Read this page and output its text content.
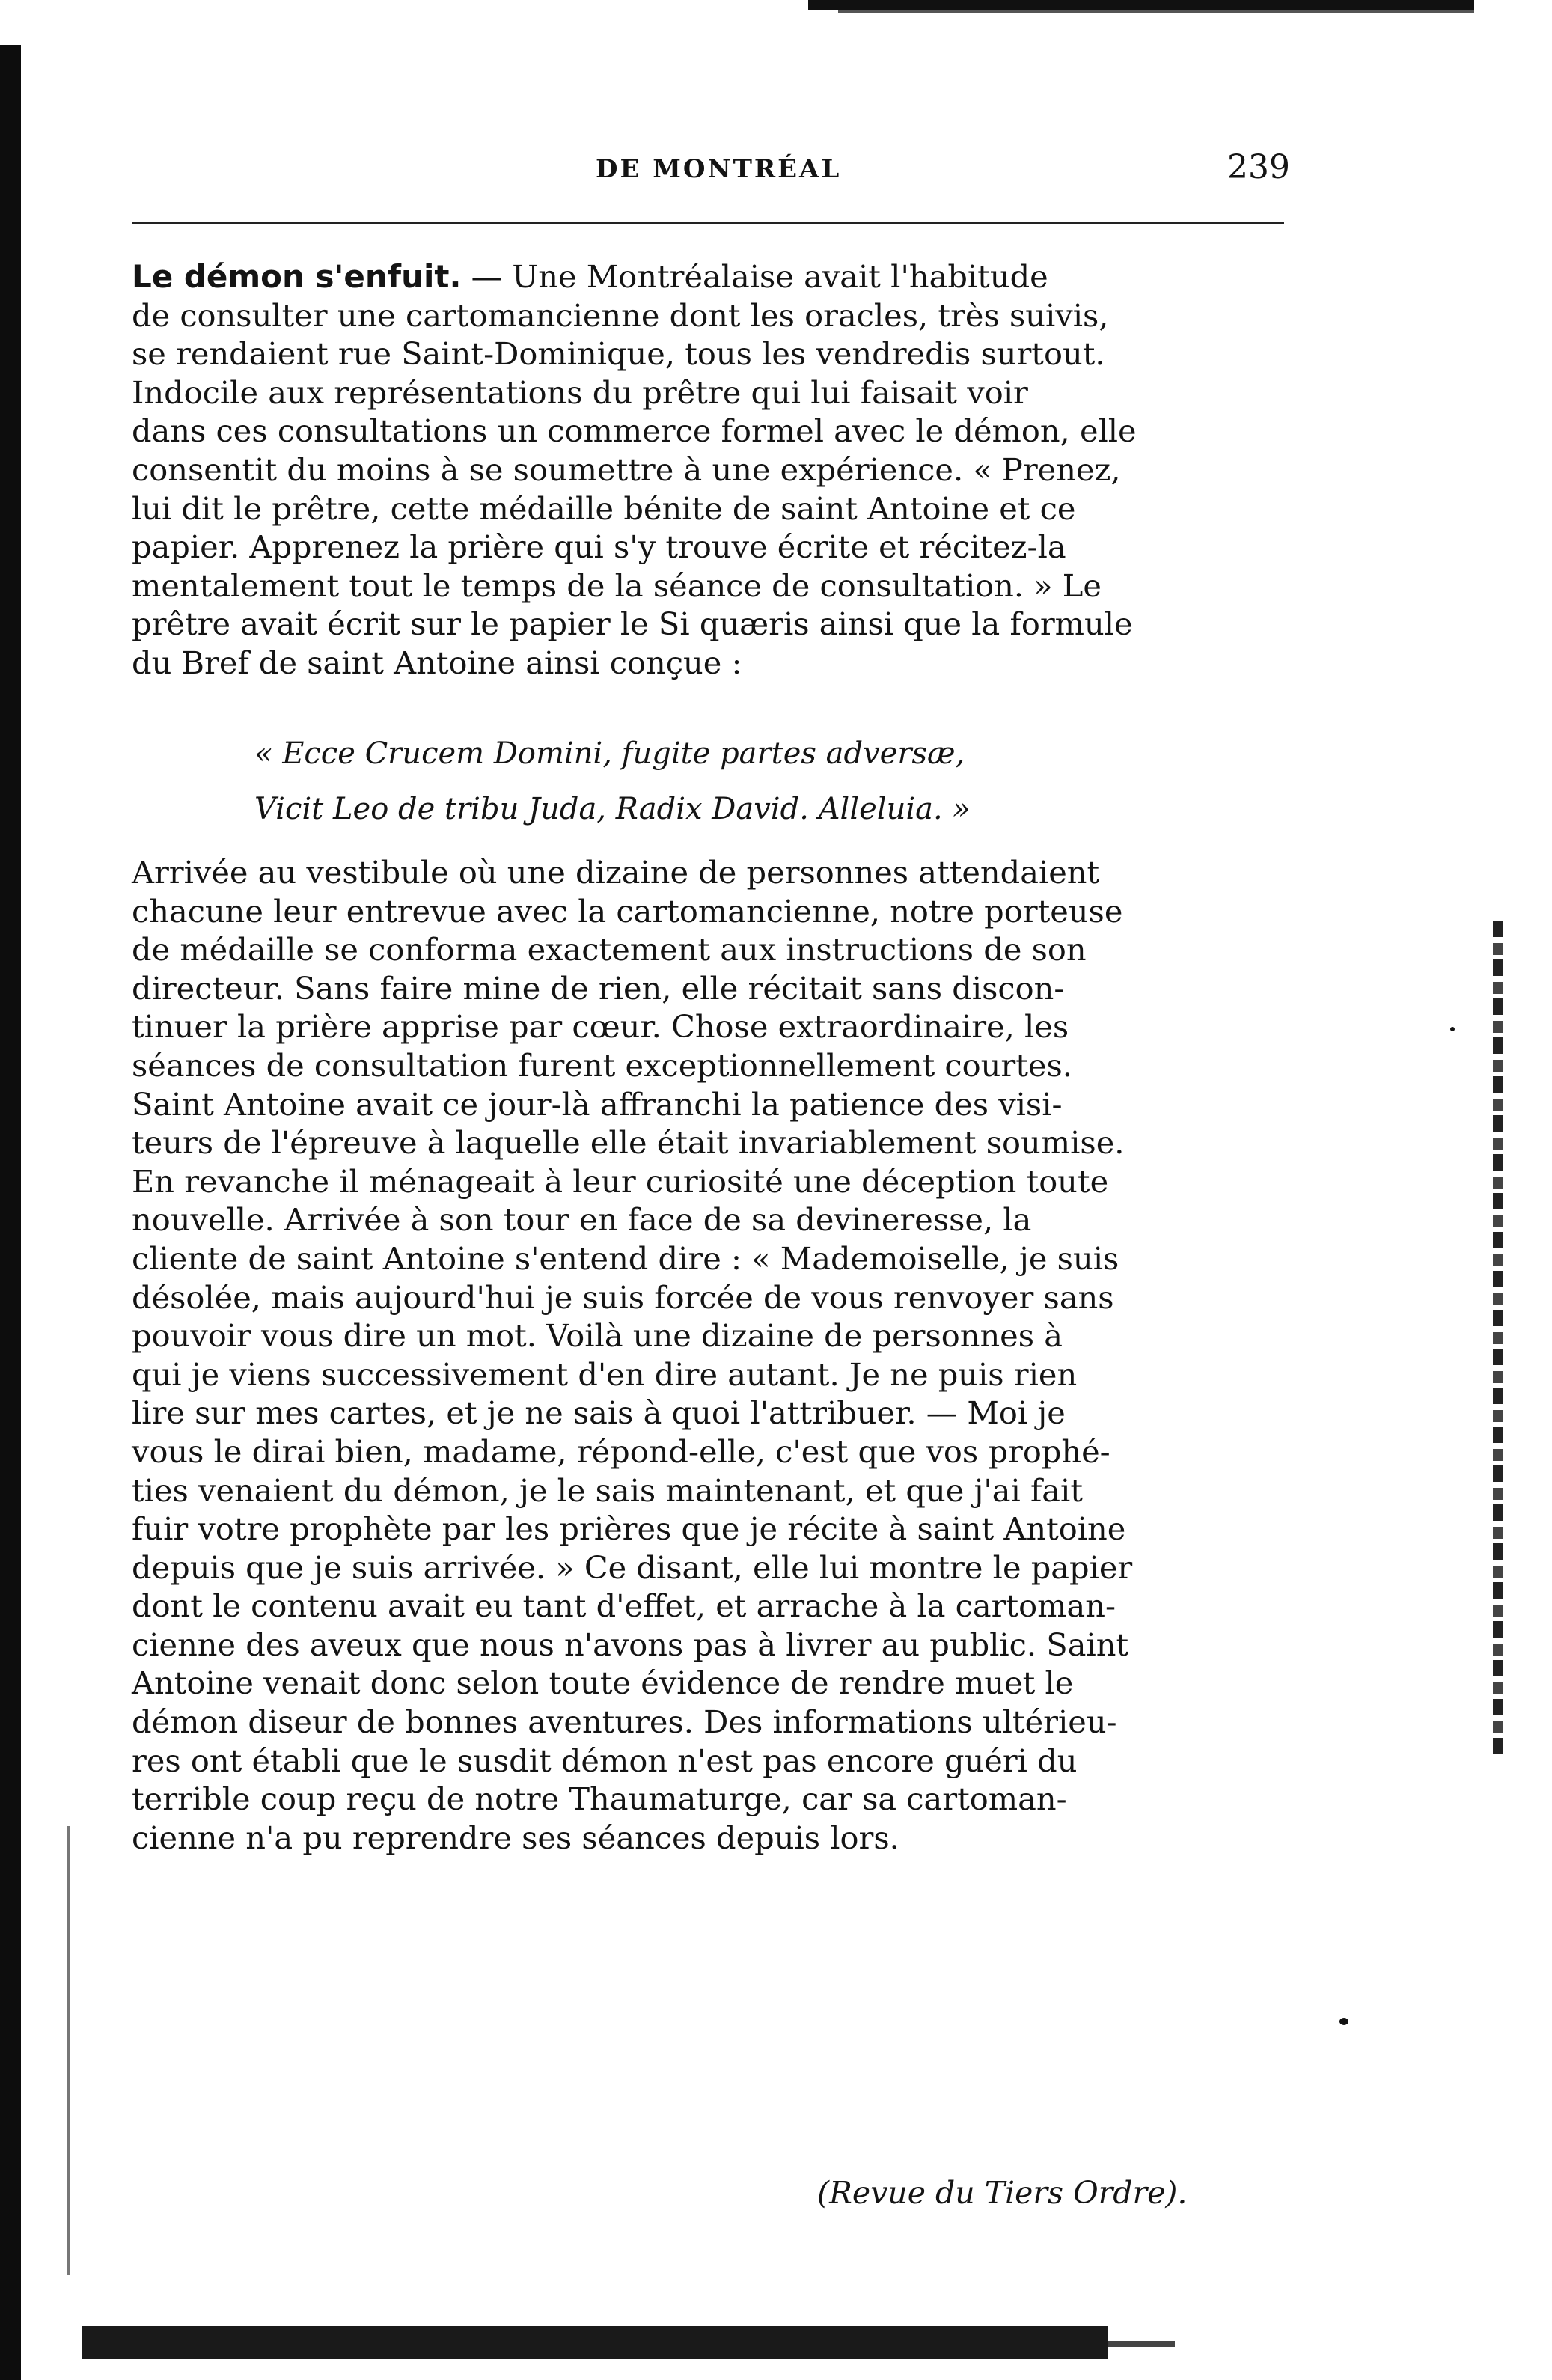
DE MONTRÉAL	239
Le démon s'enfuit. — Une Montréalaise avait l'habitude
de consulter une cartomancienne dont les oracles, très suivis,
se rendaient rue Saint-Dominique, tous les vendredis surtout.
Indocile aux représentations du prêtre qui lui faisait voir
dans ces consultations un commerce formel avec le démon, elle
consentit du moins à se soumettre à une expérience. « Prenez,
lui dit le prêtre, cette médaille bénite de saint Antoine et ce
papier. Apprenez la prière qui s'y trouve écrite et récitez-la
mentalement tout le temps de la séance de consultation. » Le
prêtre avait écrit sur le papier le Si quæris ainsi que la formule
du Bref de saint Antoine ainsi conçue :
« Ecce Crucem Domini, fugite partes adversæ,
Vicit Leo de tribu Juda, Radix David. Alleluia. »
Arrivée au vestibule où une dizaine de personnes attendaient
chacune leur entrevue avec la cartomancienne, notre porteuse
de médaille se conforma exactement aux instructions de son
directeur. Sans faire mine de rien, elle récitait sans discon-
tinuer la prière apprise par cœur. Chose extraordinaire, les
séances de consultation furent exceptionnellement courtes.
Saint Antoine avait ce jour-là affranchi la patience des visi-
teurs de l'épreuve à laquelle elle était invariablement soumise.
En revanche il ménageait à leur curiosité une déception toute
nouvelle. Arrivée à son tour en face de sa devineresse, la
cliente de saint Antoine s'entend dire : « Mademoiselle, je suis
désolée, mais aujourd'hui je suis forcée de vous renvoyer sans
pouvoir vous dire un mot. Voilà une dizaine de personnes à
qui je viens successivement d'en dire autant. Je ne puis rien
lire sur mes cartes, et je ne sais à quoi l'attribuer. — Moi je
vous le dirai bien, madame, répond-elle, c'est que vos prophé-
ties venaient du démon, je le sais maintenant, et que j'ai fait
fuir votre prophète par les prières que je récite à saint Antoine
depuis que je suis arrivée. » Ce disant, elle lui montre le papier
dont le contenu avait eu tant d'effet, et arrache à la cartoman-
cienne des aveux que nous n'avons pas à livrer au public. Saint
Antoine venait donc selon toute évidence de rendre muet le
démon diseur de bonnes aventures. Des informations ultérieu-
res ont établi que le susdit démon n'est pas encore guéri du
terrible coup reçu de notre Thaumaturge, car sa cartoman-
cienne n'a pu reprendre ses séances depuis lors.
(Revue du Tiers Ordre).
